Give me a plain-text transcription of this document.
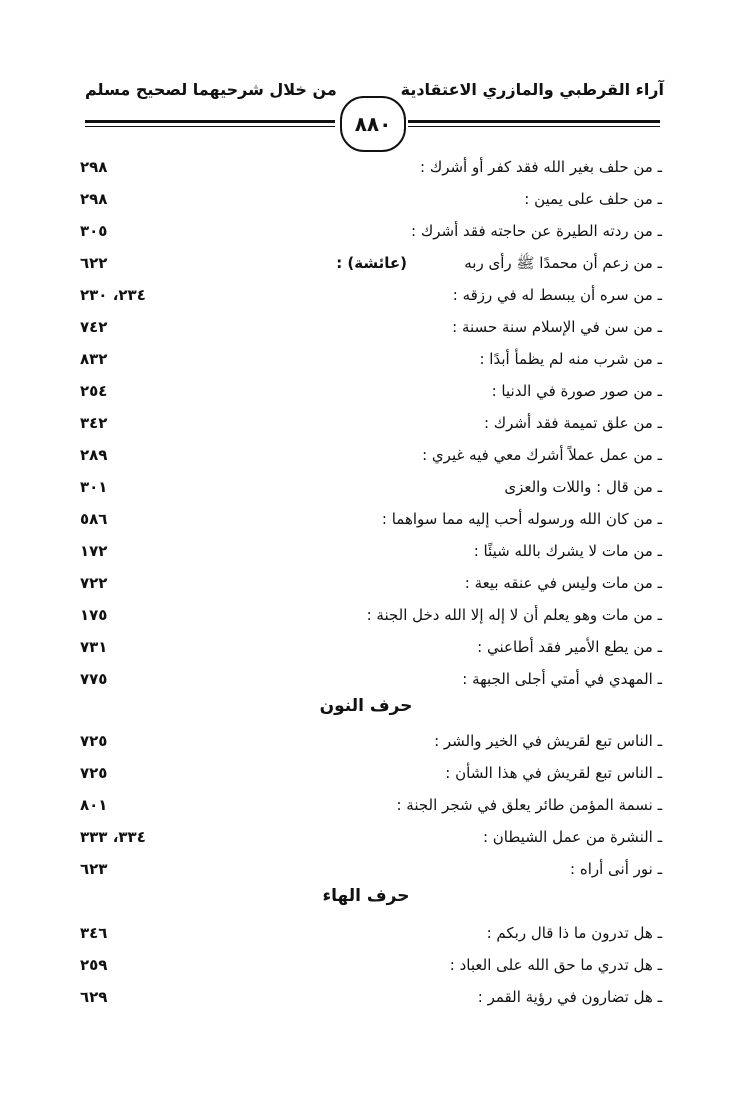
آراء القرطبي والمازري الاعتقادية
من خلال شرحيهما لصحيح مسلم
٨٨٠
ـ من حلف بغير الله فقد كفر أو أشرك :
٢٩٨
ـ من حلف على يمين :
٢٩٨
ـ من ردته الطيرة عن حاجته فقد أشرك :
٣٠٥
ـ من زعم أن محمدًا ﷺ رأى ربه
(عائشة) :
٦٢٢
ـ من سره أن يبسط له في رزقه :
٢٣٤، ٢٣٠
ـ من سن في الإسلام سنة حسنة :
٧٤٢
ـ من شرب منه لم يظمأ أبدًا :
٨٣٢
ـ من صور صورة في الدنيا :
٢٥٤
ـ من علق تميمة فقد أشرك :
٣٤٢
ـ من عمل عملاً أشرك معي فيه غيري :
٢٨٩
ـ من قال : واللات والعزى
٣٠١
ـ من كان الله ورسوله أحب إليه مما سواهما :
٥٨٦
ـ من مات لا يشرك بالله شيئًا :
١٧٢
ـ من مات وليس في عنقه بيعة :
٧٢٢
ـ من مات وهو يعلم أن لا إله إلا الله دخل الجنة :
١٧٥
ـ من يطع الأمير فقد أطاعني :
٧٣١
ـ المهدي في أمتي أجلى الجبهة :
٧٧٥
حرف النون
ـ الناس تبع لقريش في الخير والشر :
٧٢٥
ـ الناس تبع لقريش في هذا الشأن :
٧٢٥
ـ نسمة المؤمن طائر يعلق في شجر الجنة :
٨٠١
ـ النشرة من عمل الشيطان :
٣٣٤، ٣٣٣
ـ نور أنى أراه :
٦٢٣
حرف الهاء
ـ هل تدرون ما ذا قال ربكم :
٣٤٦
ـ هل تدري ما حق الله على العباد :
٢٥٩
ـ هل تضارون في رؤية القمر :
٦٢٩
